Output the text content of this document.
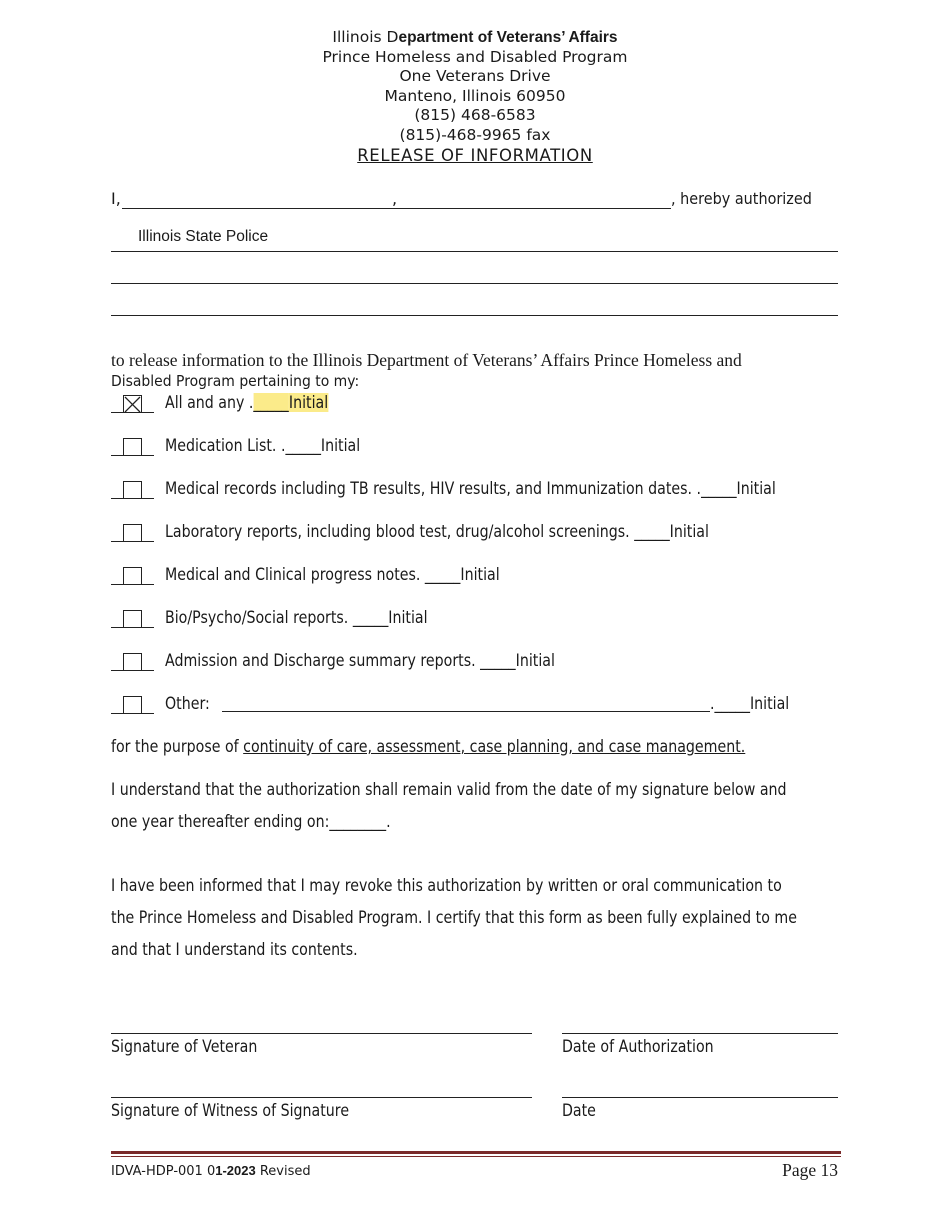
Illinois Department of Veterans’ Affairs
Prince Homeless and Disabled Program
One Veterans Drive
Manteno, Illinois 60950
(815) 468-6583
(815)-468-9965 fax
RELEASE OF INFORMATION
I,	,	, hereby authorized
Illinois State Police
to release information to the Illinois Department of Veterans’ Affairs Prince Homeless and
Disabled Program pertaining to my:
All and any ._____Initial
Medication List. ._____Initial
Medical records including TB results, HIV results, and Immunization dates. ._____Initial
Laboratory reports, including blood test, drug/alcohol screenings. _____Initial
Medical and Clinical progress notes. _____Initial
Bio/Psycho/Social reports. _____Initial
Admission and Discharge summary reports. _____Initial
Other:	._____Initial
for the purpose of continuity of care, assessment, case planning, and case management.
I understand that the authorization shall remain valid from the date of my signature below and
one year thereafter ending on:________.
I have been informed that I may revoke this authorization by written or oral communication to
the Prince Homeless and Disabled Program. I certify that this form as been fully explained to me
and that I understand its contents.
Signature of Veteran	Date of Authorization
Signature of Witness of Signature	Date
IDVA-HDP-001 01-2023 Revised	Page 13
